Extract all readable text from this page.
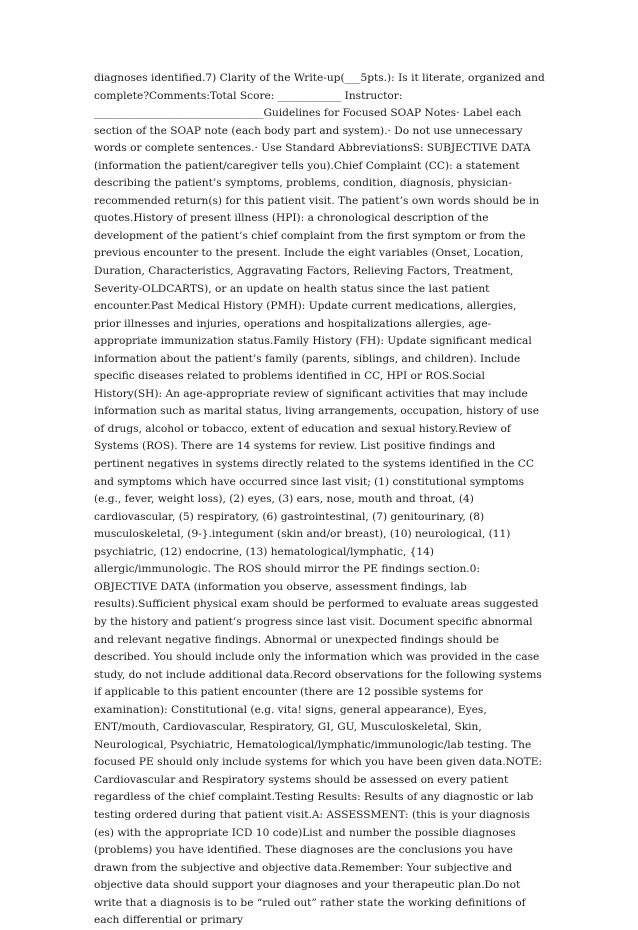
diagnoses identified.7) Clarity of the Write-up(___5pts.): Is it literate, organized and complete?Comments:Total Score: ____________ Instructor: ________________________________Guidelines for Focused SOAP Notes· Label each section of the SOAP note (each body part and system).· Do not use unnecessary words or complete sentences.· Use Standard AbbreviationsS: SUBJECTIVE DATA (information the patient/caregiver tells you).Chief Complaint (CC): a statement describing the patient’s symptoms, problems, condition, diagnosis, physician-recommended return(s) for this patient visit. The patient’s own words should be in quotes.History of present illness (HPI): a chronological description of the development of the patient’s chief complaint from the first symptom or from the previous encounter to the present. Include the eight variables (Onset, Location, Duration, Characteristics, Aggravating Factors, Relieving Factors, Treatment, Severity-OLDCARTS), or an update on health status since the last patient encounter.Past Medical History (PMH): Update current medications, allergies, prior illnesses and injuries, operations and hospitalizations allergies, age-appropriate immunization status.Family History (FH): Update significant medical information about the patient’s family (parents, siblings, and children). Include specific diseases related to problems identified in CC, HPI or ROS.Social History(SH): An age-appropriate review of significant activities that may include information such as marital status, living arrangements, occupation, history of use of drugs, alcohol or tobacco, extent of education and sexual history.Review of Systems (ROS). There are 14 systems for review. List positive findings and pertinent negatives in systems directly related to the systems identified in the CC and symptoms which have occurred since last visit; (1) constitutional symptoms (e.g., fever, weight loss), (2) eyes, (3) ears, nose, mouth and throat, (4) cardiovascular, (5) respiratory, (6) gastrointestinal, (7) genitourinary, (8) musculoskeletal, (9-}.integument (skin and/or breast), (10) neurological, (11) psychiatric, (12) endocrine, (13) hematological/lymphatic, {14) allergic/immunologic. The ROS should mirror the PE findings section.0: OBJECTIVE DATA (information you observe, assessment findings, lab results).Sufficient physical exam should be performed to evaluate areas suggested by the history and patient’s progress since last visit. Document specific abnormal and relevant negative findings. Abnormal or unexpected findings should be described. You should include only the information which was provided in the case study, do not include additional data.Record observations for the following systems if applicable to this patient encounter (there are 12 possible systems for examination): Constitutional (e.g. vita! signs, general appearance), Eyes, ENT/mouth, Cardiovascular, Respiratory, GI, GU, Musculoskeletal, Skin, Neurological, Psychiatric, Hematological/lymphatic/immunologic/lab testing. The focused PE should only include systems for which you have been given data.NOTE: Cardiovascular and Respiratory systems should be assessed on every patient regardless of the chief complaint.Testing Results: Results of any diagnostic or lab testing ordered during that patient visit.A: ASSESSMENT: (this is your diagnosis (es) with the appropriate ICD 10 code)List and number the possible diagnoses (problems) you have identified. These diagnoses are the conclusions you have drawn from the subjective and objective data.Remember: Your subjective and objective data should support your diagnoses and your therapeutic plan.Do not write that a diagnosis is to be “ruled out” rather state the working definitions of each differential or primary
